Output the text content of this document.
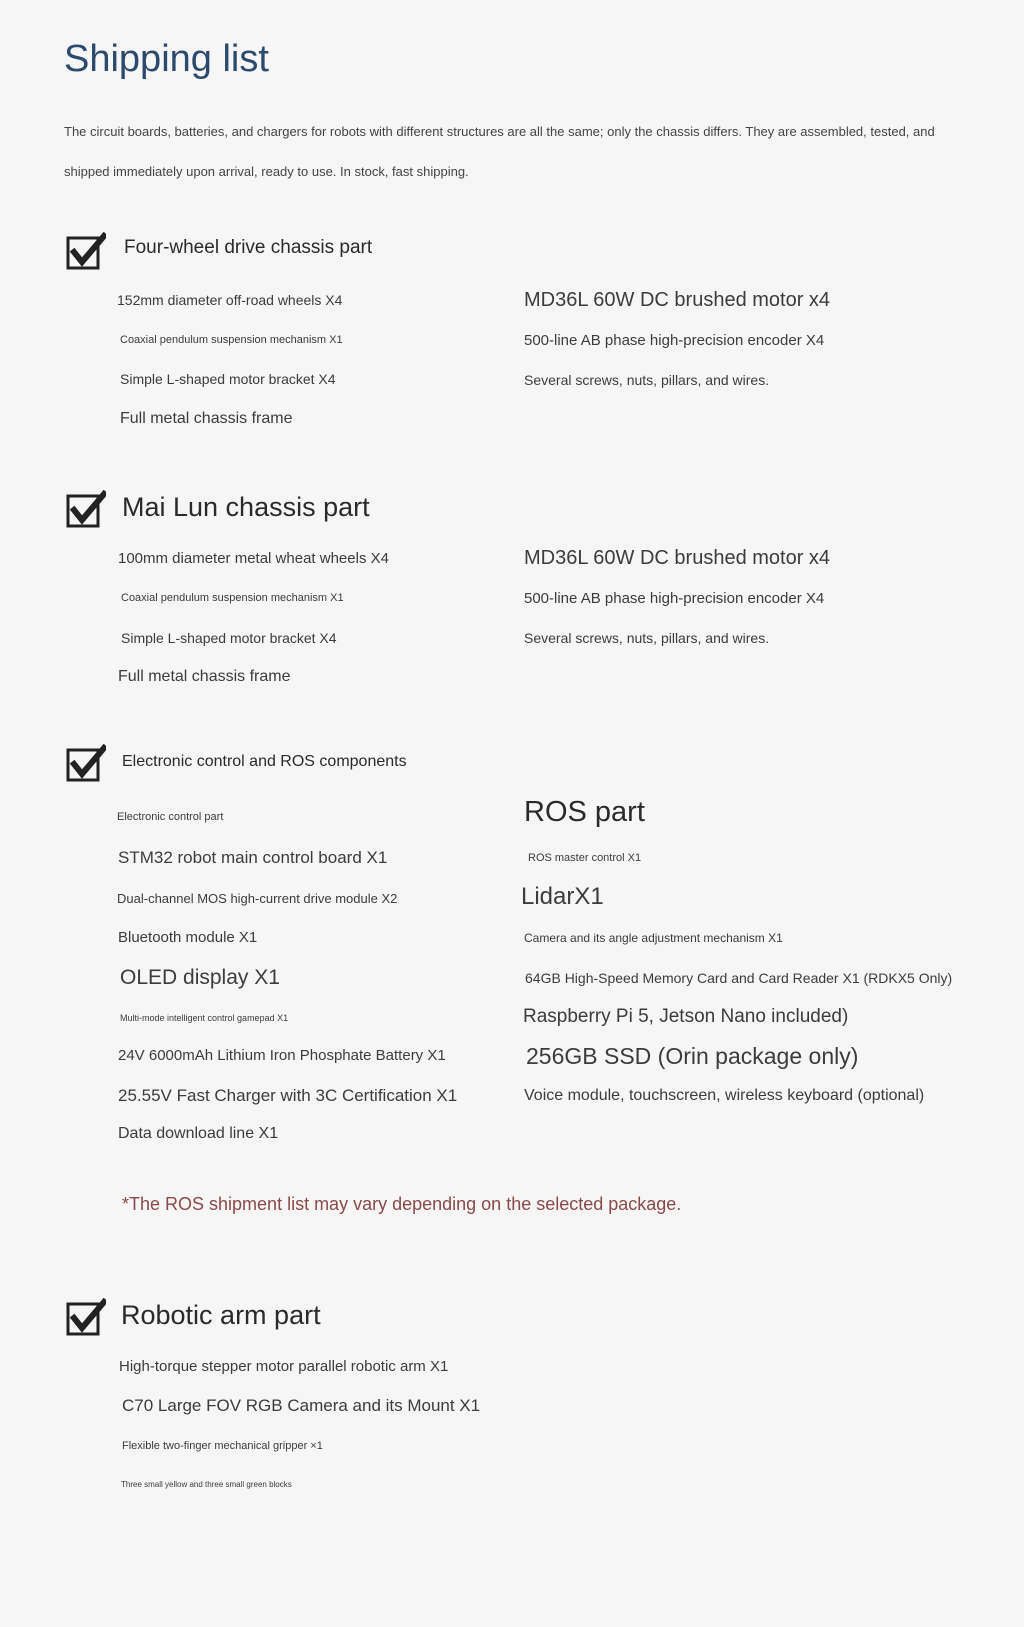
Shipping list
The circuit boards, batteries, and chargers for robots with different structures are all the same; only the chassis differs. They are assembled, tested, and shipped immediately upon arrival, ready to use. In stock, fast shipping.
Four-wheel drive chassis part
152mm diameter off-road wheels X4
Coaxial pendulum suspension mechanism X1
Simple L-shaped motor bracket X4
Full metal chassis frame
MD36L 60W DC brushed motor x4
500-line AB phase high-precision encoder X4
Several screws, nuts, pillars, and wires.
Mai Lun chassis part
100mm diameter metal wheat wheels X4
Coaxial pendulum suspension mechanism X1
Simple L-shaped motor bracket X4
Full metal chassis frame
MD36L 60W DC brushed motor x4
500-line AB phase high-precision encoder X4
Several screws, nuts, pillars, and wires.
Electronic control and ROS components
Electronic control part
STM32 robot main control board X1
Dual-channel MOS high-current drive module X2
Bluetooth module X1
OLED display X1
Multi-mode intelligent control gamepad X1
24V 6000mAh Lithium Iron Phosphate Battery X1
25.55V Fast Charger with 3C Certification X1
Data download line X1
ROS part
ROS master control X1
LidarX1
Camera and its angle adjustment mechanism X1
64GB High-Speed Memory Card and Card Reader X1 (RDKX5 Only)
Raspberry Pi 5, Jetson Nano included)
256GB SSD (Orin package only)
Voice module, touchscreen, wireless keyboard (optional)
*The ROS shipment list may vary depending on the selected package.
Robotic arm part
High-torque stepper motor parallel robotic arm X1
C70 Large FOV RGB Camera and its Mount X1
Flexible two-finger mechanical gripper ×1
Three small yellow and three small green blocks
